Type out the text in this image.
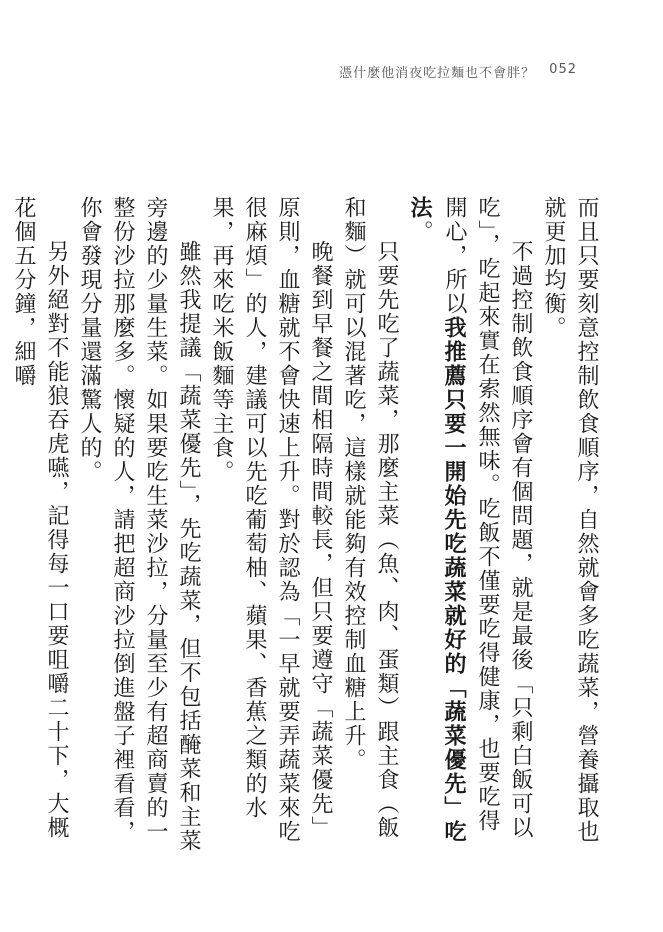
憑什麼他消夜吃拉麵也不會胖？ 052

而且只要刻意控制飲食順序，自然就會多吃蔬菜，營養攝取也就更加均衡。

不過控制飲食順序會有個問題，就是最後「只剩白飯可以吃」，吃起來實在索然無味。吃飯不僅要吃得健康，也要吃得開心，所以我推薦只要一開始先吃蔬菜就好的「蔬菜優先」吃法。

只要先吃了蔬菜，那麼主菜（魚、肉、蛋類）跟主食（飯和麵）就可以混著吃，這樣就能夠有效控制血糖上升。

晚餐到早餐之間相隔時間較長，但只要遵守「蔬菜優先」原則，血糖就不會快速上升。對於認為「一早就要弄蔬菜來吃很麻煩」的人，建議可以先吃葡萄柚、蘋果、香蕉之類的水果，再來吃米飯麵等主食。

雖然我提議「蔬菜優先」，先吃蔬菜，但不包括醃菜和主菜旁邊的少量生菜。如果要吃生菜沙拉，分量至少有超商賣的一整份沙拉那麼多。懷疑的人，請把超商沙拉倒進盤子裡看看，你會發現分量還滿驚人的。

另外絕對不能狼吞虎嚥，記得每一口要咀嚼二十下，大概花個五分鐘，細嚼
